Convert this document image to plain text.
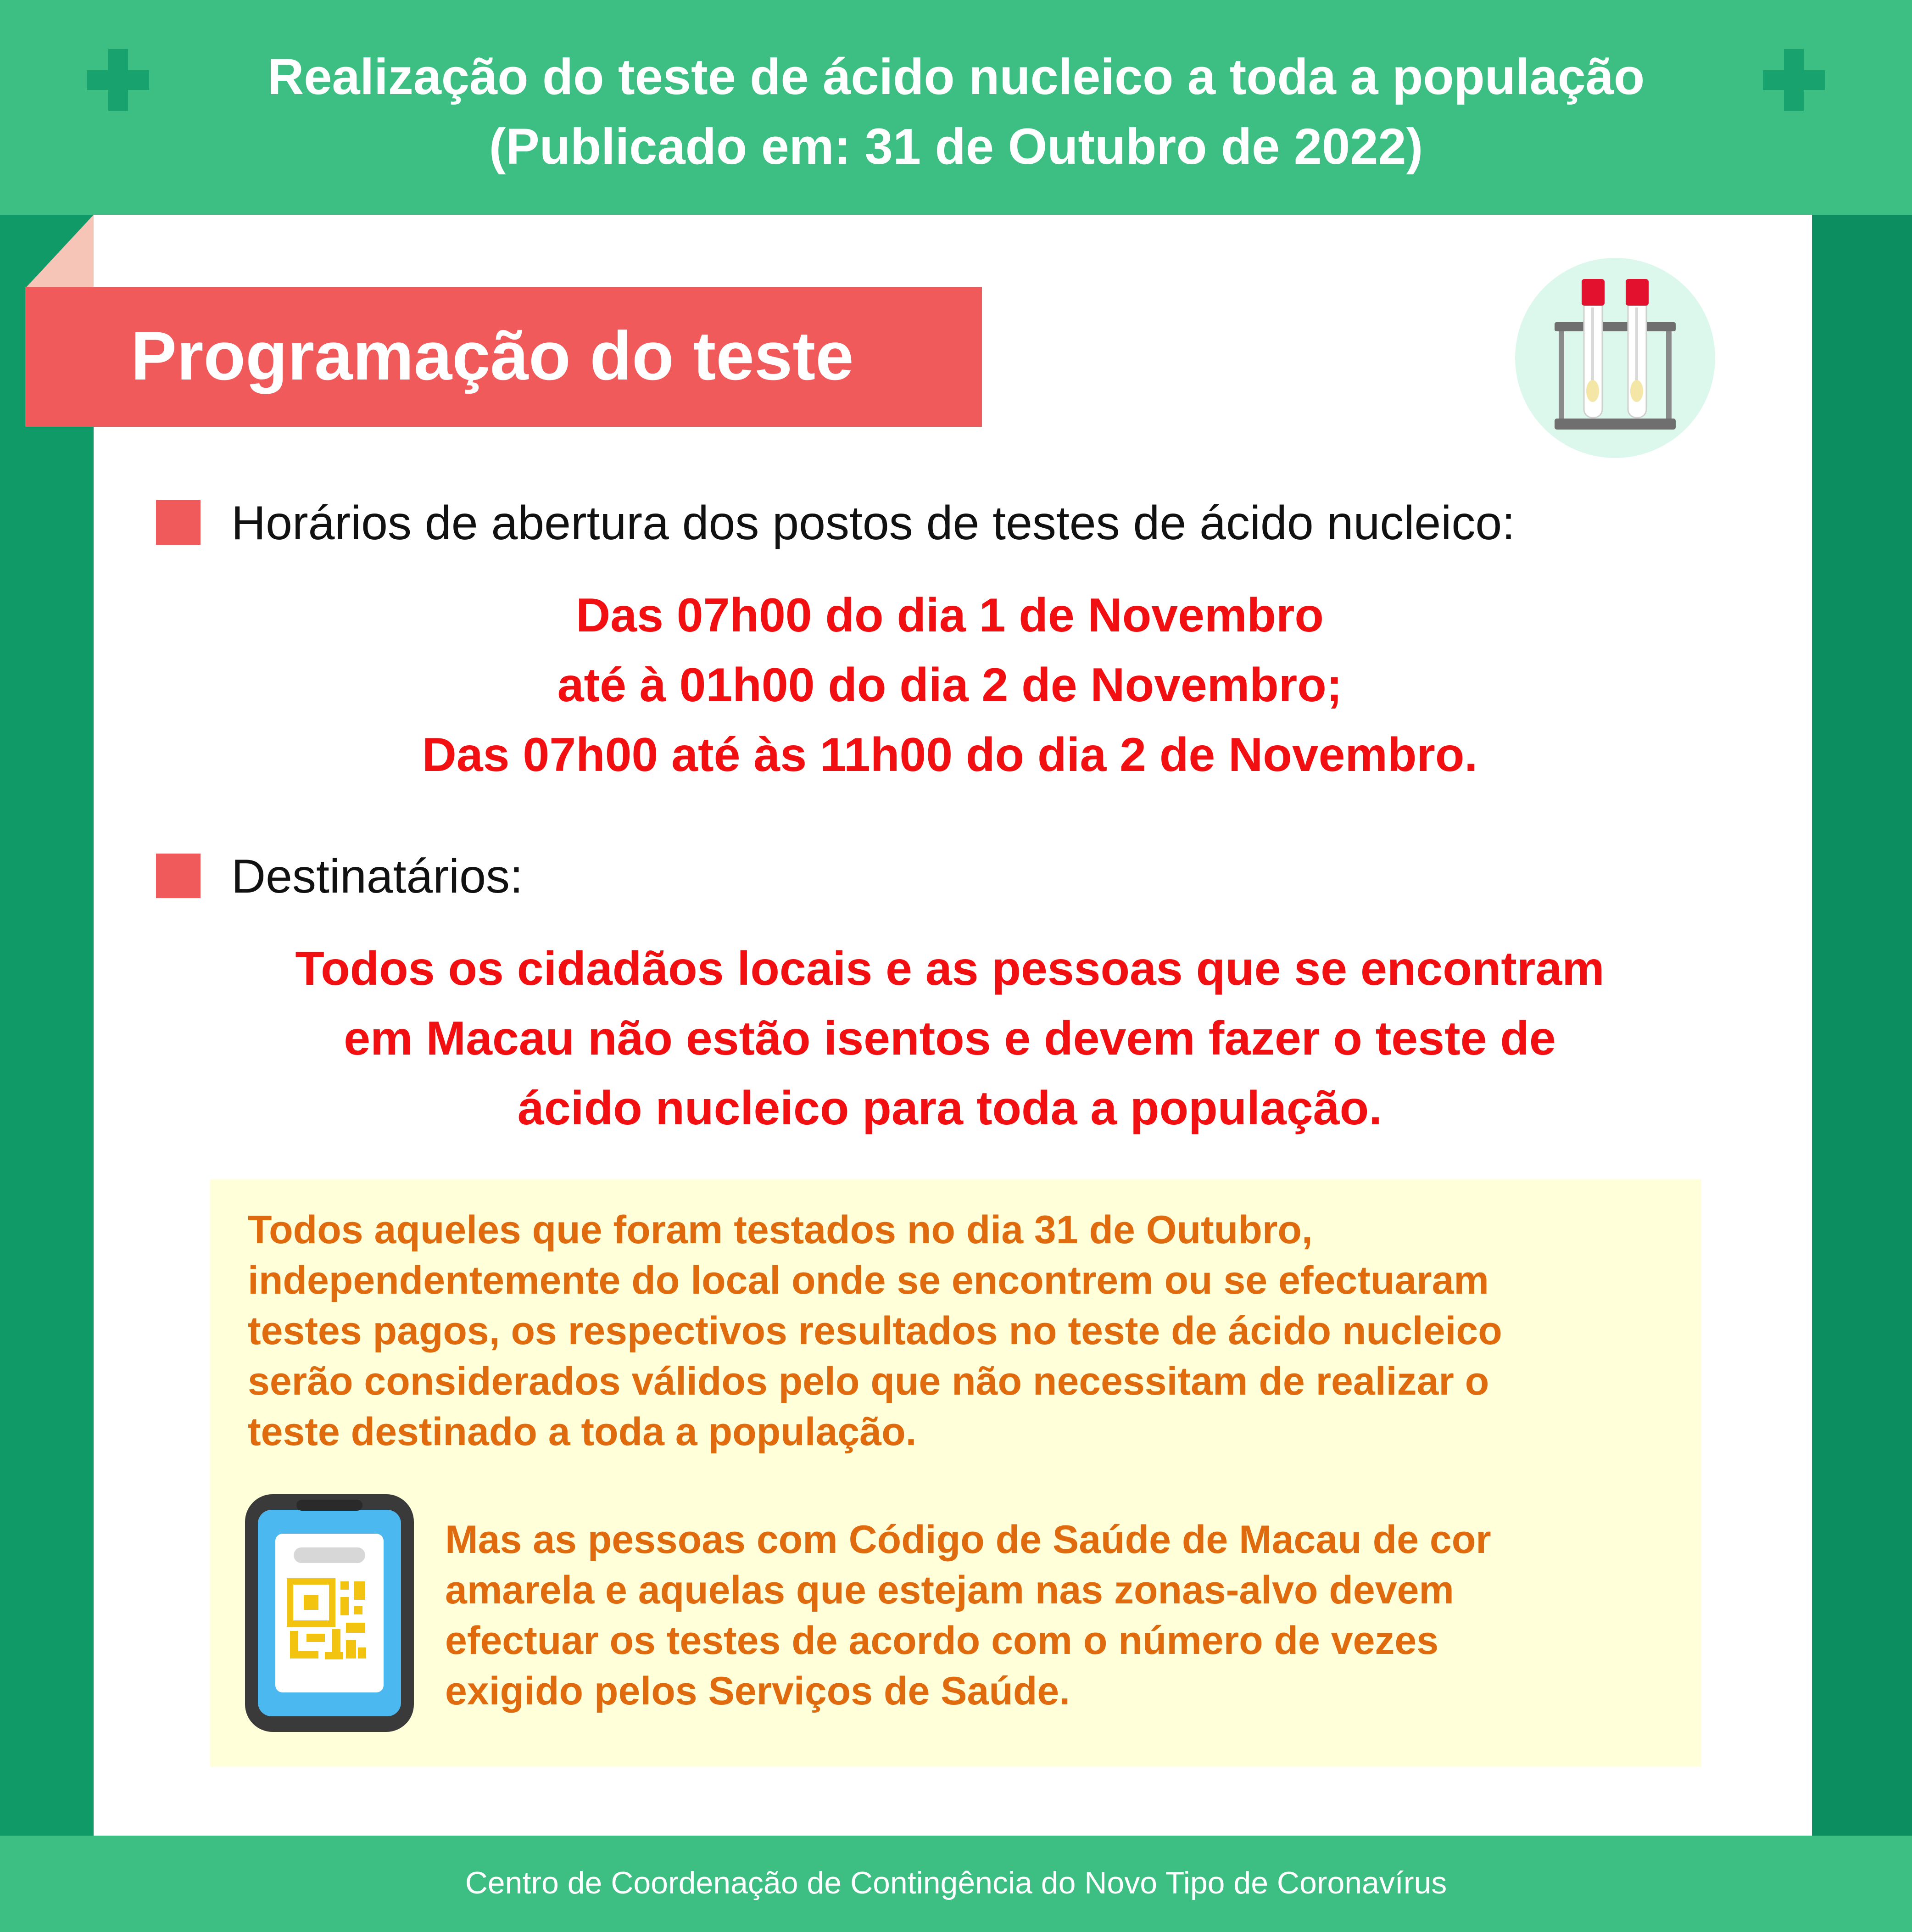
Realização do teste de ácido nucleico a toda a população
(Publicado em: 31 de Outubro de 2022)
Programação do teste
Horários de abertura dos postos de testes de ácido nucleico:
Das 07h00 do dia 1 de Novembro
até à 01h00 do dia 2 de Novembro;
Das 07h00 até às 11h00 do dia 2 de Novembro.
Destinatários:
Todos os cidadãos locais e as pessoas que se encontram
em Macau não estão isentos e devem fazer o teste de
ácido nucleico para toda a população.
Todos aqueles que foram testados no dia 31 de Outubro,
independentemente do local onde se encontrem ou se efectuaram
testes pagos, os respectivos resultados no teste de ácido nucleico
serão considerados válidos pelo que não necessitam de realizar o
teste destinado a toda a população.
Mas as pessoas com Código de Saúde de Macau de cor
amarela e aquelas que estejam nas zonas-alvo devem
efectuar os testes de acordo com o número de vezes
exigido pelos Serviços de Saúde.
Centro de Coordenação de Contingência do Novo Tipo de Coronavírus
